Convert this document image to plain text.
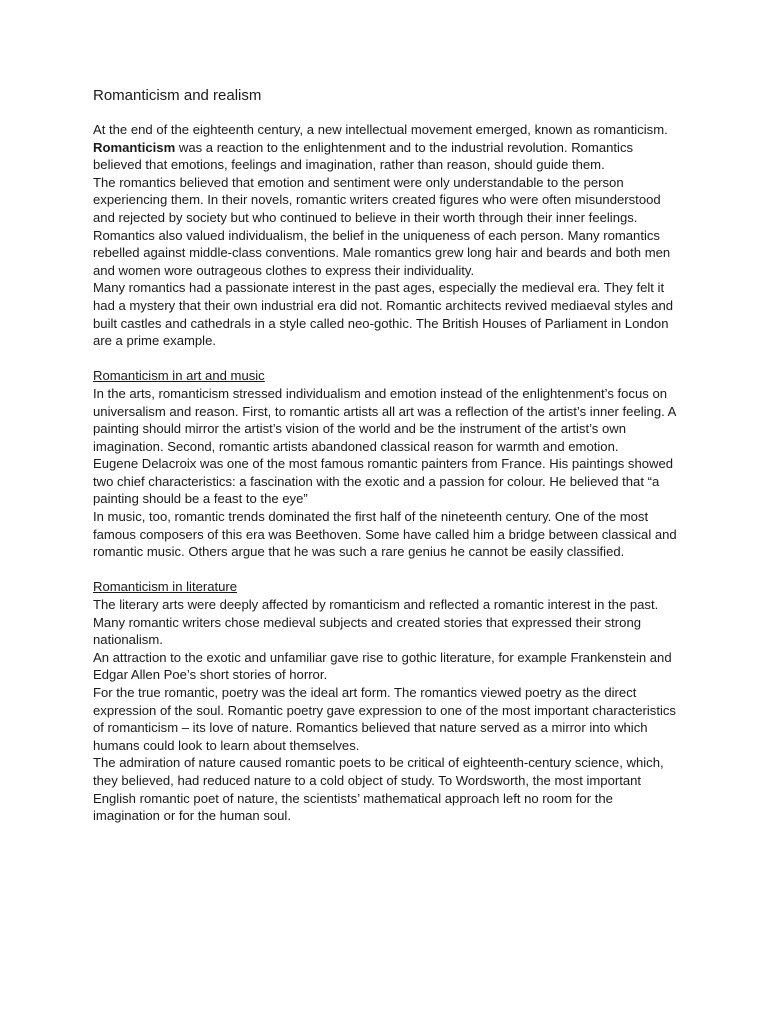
Romanticism and realism

At the end of the eighteenth century, a new intellectual movement emerged, known as romanticism. Romanticism was a reaction to the enlightenment and to the industrial revolution. Romantics believed that emotions, feelings and imagination, rather than reason, should guide them.

The romantics believed that emotion and sentiment were only understandable to the person experiencing them. In their novels, romantic writers created figures who were often misunderstood and rejected by society but who continued to believe in their worth through their inner feelings.

Romantics also valued individualism, the belief in the uniqueness of each person. Many romantics rebelled against middle-class conventions. Male romantics grew long hair and beards and both men and women wore outrageous clothes to express their individuality.

Many romantics had a passionate interest in the past ages, especially the medieval era. They felt it had a mystery that their own industrial era did not. Romantic architects revived mediaeval styles and built castles and cathedrals in a style called neo-gothic. The British Houses of Parliament in London are a prime example.

Romanticism in art and music

In the arts, romanticism stressed individualism and emotion instead of the enlightenment’s focus on universalism and reason. First, to romantic artists all art was a reflection of the artist’s inner feeling. A painting should mirror the artist’s vision of the world and be the instrument of the artist’s own imagination. Second, romantic artists abandoned classical reason for warmth and emotion.

Eugene Delacroix was one of the most famous romantic painters from France. His paintings showed two chief characteristics: a fascination with the exotic and a passion for colour. He believed that “a painting should be a feast to the eye”

In music, too, romantic trends dominated the first half of the nineteenth century. One of the most famous composers of this era was Beethoven. Some have called him a bridge between classical and romantic music. Others argue that he was such a rare genius he cannot be easily classified.

Romanticism in literature

The literary arts were deeply affected by romanticism and reflected a romantic interest in the past. Many romantic writers chose medieval subjects and created stories that expressed their strong nationalism.

An attraction to the exotic and unfamiliar gave rise to gothic literature, for example Frankenstein and Edgar Allen Poe’s short stories of horror.

For the true romantic, poetry was the ideal art form. The romantics viewed poetry as the direct expression of the soul. Romantic poetry gave expression to one of the most important characteristics of romanticism – its love of nature. Romantics believed that nature served as a mirror into which humans could look to learn about themselves.

The admiration of nature caused romantic poets to be critical of eighteenth-century science, which, they believed, had reduced nature to a cold object of study. To Wordsworth, the most important English romantic poet of nature, the scientists’ mathematical approach left no room for the imagination or for the human soul.
